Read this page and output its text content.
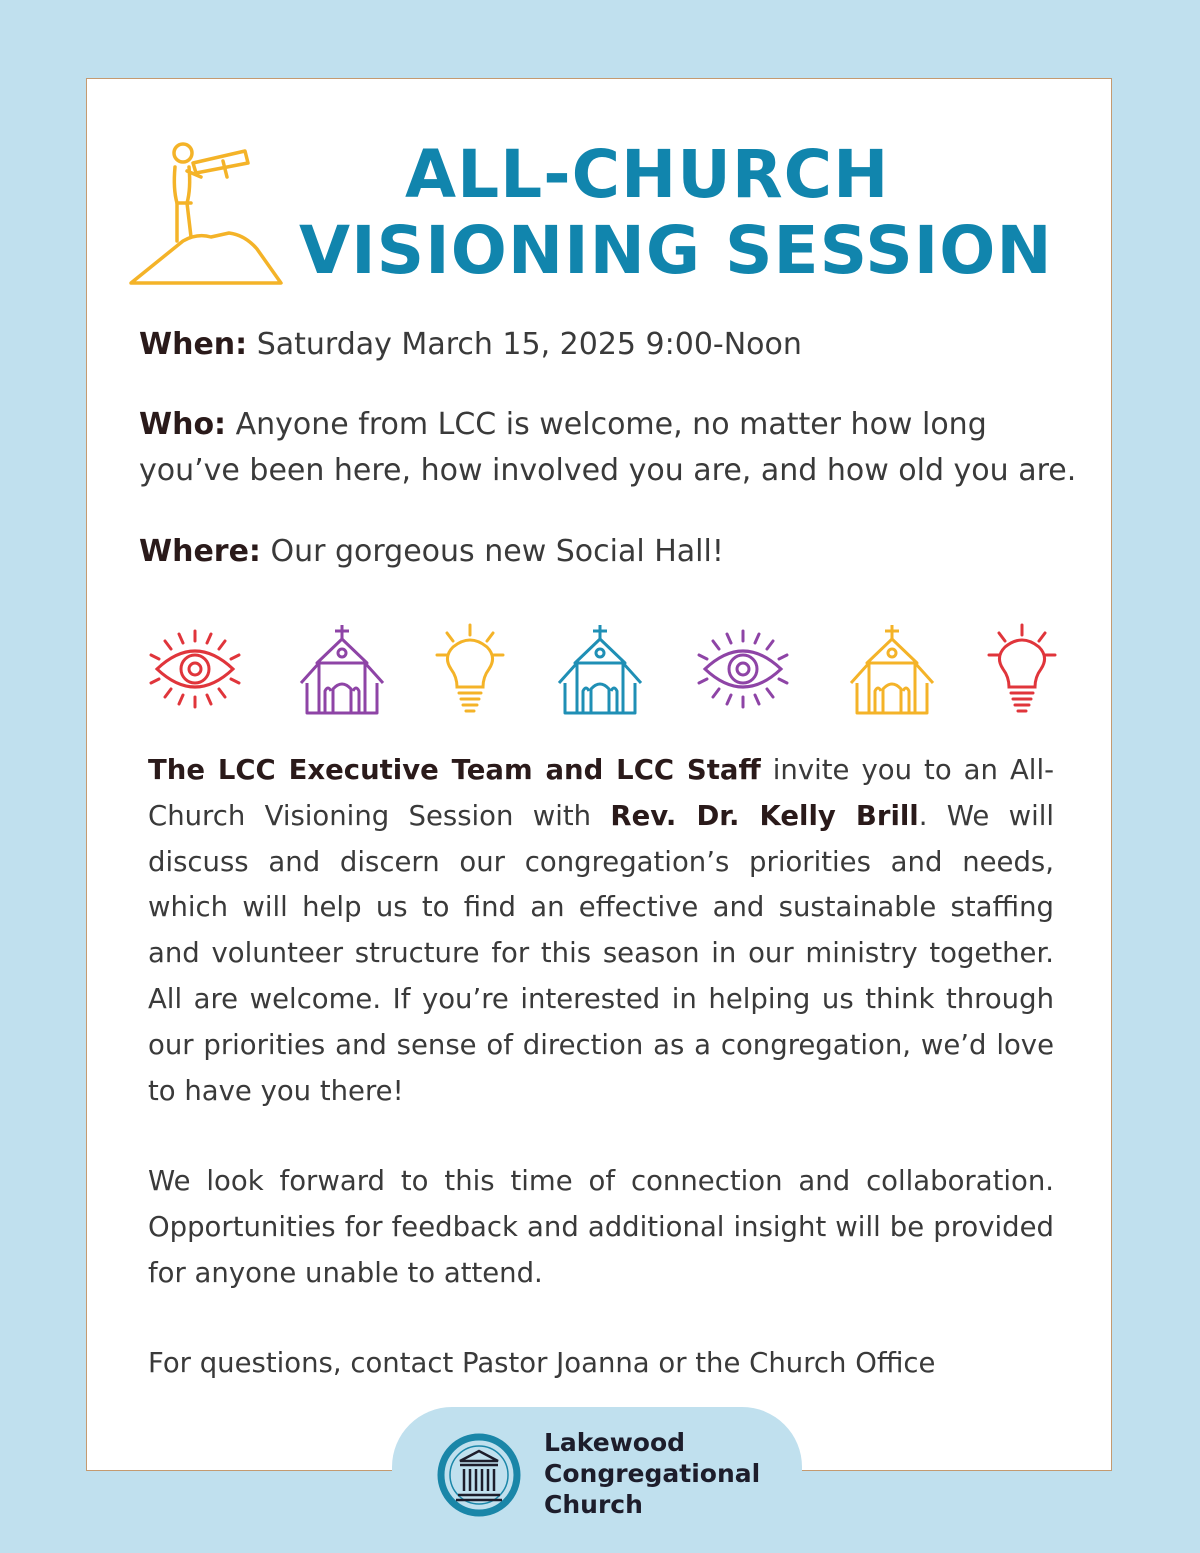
ALL-CHURCH
VISIONING SESSION
When: Saturday March 15, 2025 9:00-Noon
Who: Anyone from LCC is welcome, no matter how long
you’ve been here, how involved you are, and how old you are.
Where: Our gorgeous new Social Hall!
The LCC Executive Team and LCC Staff invite you to an All-Church Visioning Session with Rev. Dr. Kelly Brill. We will discuss and discern our congregation’s priorities and needs, which will help us to find an effective and sustainable staffing and volunteer structure for this season in our ministry together. All are welcome. If you’re interested in helping us think through our priorities and sense of direction as a congregation, we’d love to have you there!
We look forward to this time of connection and collaboration. Opportunities for feedback and additional insight will be provided for anyone unable to attend.
For questions, contact Pastor Joanna or the Church Office
Lakewood
Congregational
Church
